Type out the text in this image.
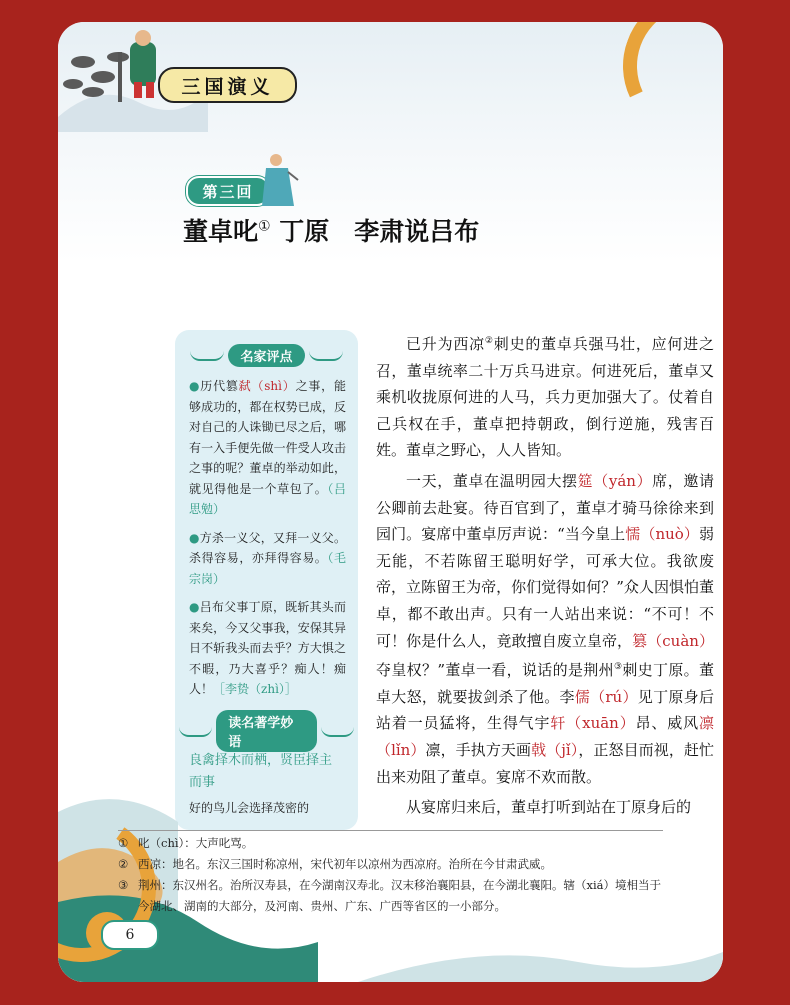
三国演义
第三回
董卓叱① 丁原　李肃说吕布
名家评点
●历代篡弑（shì）之事，能够成功的，都在权势已成，反对自己的人诛锄已尽之后，哪有一入手便先做一件受人攻击之事的呢？董卓的举动如此，就见得他是一个草包了。（吕思勉）
●方杀一义父，又拜一义父。杀得容易，亦拜得容易。（毛宗岗）
●吕布父事丁原，既斩其头而来矣，今又父事我，安保其异日不斩我头而去乎？方大惧之不暇，乃大喜乎？痴人！痴人！［李贽（zhì）］
读名著学妙语
良禽择木而栖，贤臣择主而事
好的鸟儿会选择茂密的

已升为西凉②刺史的董卓兵强马壮，应何进之召，董卓统率二十万兵马进京。何进死后，董卓又乘机收拢原何进的人马，兵力更加强大了。仗着自己兵权在手，董卓把持朝政，倒行逆施，残害百姓。董卓之野心，人人皆知。

一天，董卓在温明园大摆筵（yán）席，邀请公卿前去赴宴。待百官到了，董卓才骑马徐徐来到园门。宴席中董卓厉声说：“当今皇上懦（nuò）弱无能，不若陈留王聪明好学，可承大位。我欲废帝，立陈留王为帝，你们觉得如何？”众人因惧怕董卓，都不敢出声。只有一人站出来说：“不可！不可！你是什么人，竟敢擅自废立皇帝，篡（cuàn）夺皇权？”董卓一看，说话的是荆州③刺史丁原。董卓大怒，就要拔剑杀了他。李儒（rú）见丁原身后站着一员猛将，生得气宇轩（xuān）昂、威风凛（lǐn）凛，手执方天画戟（jǐ），正怒目而视，赶忙出来劝阻了董卓。宴席不欢而散。

从宴席归来后，董卓打听到站在丁原身后的

① 叱（chì）：大声叱骂。
② 西凉：地名。东汉三国时称凉州，宋代初年以凉州为西凉府。治所在今甘肃武威。
③ 荆州：东汉州名。治所汉寿县，在今湖南汉寿北。汉末移治襄阳县，在今湖北襄阳。辖（xiá）境相当于今湖北、湖南的大部分，及河南、贵州、广东、广西等省区的一小部分。
6
